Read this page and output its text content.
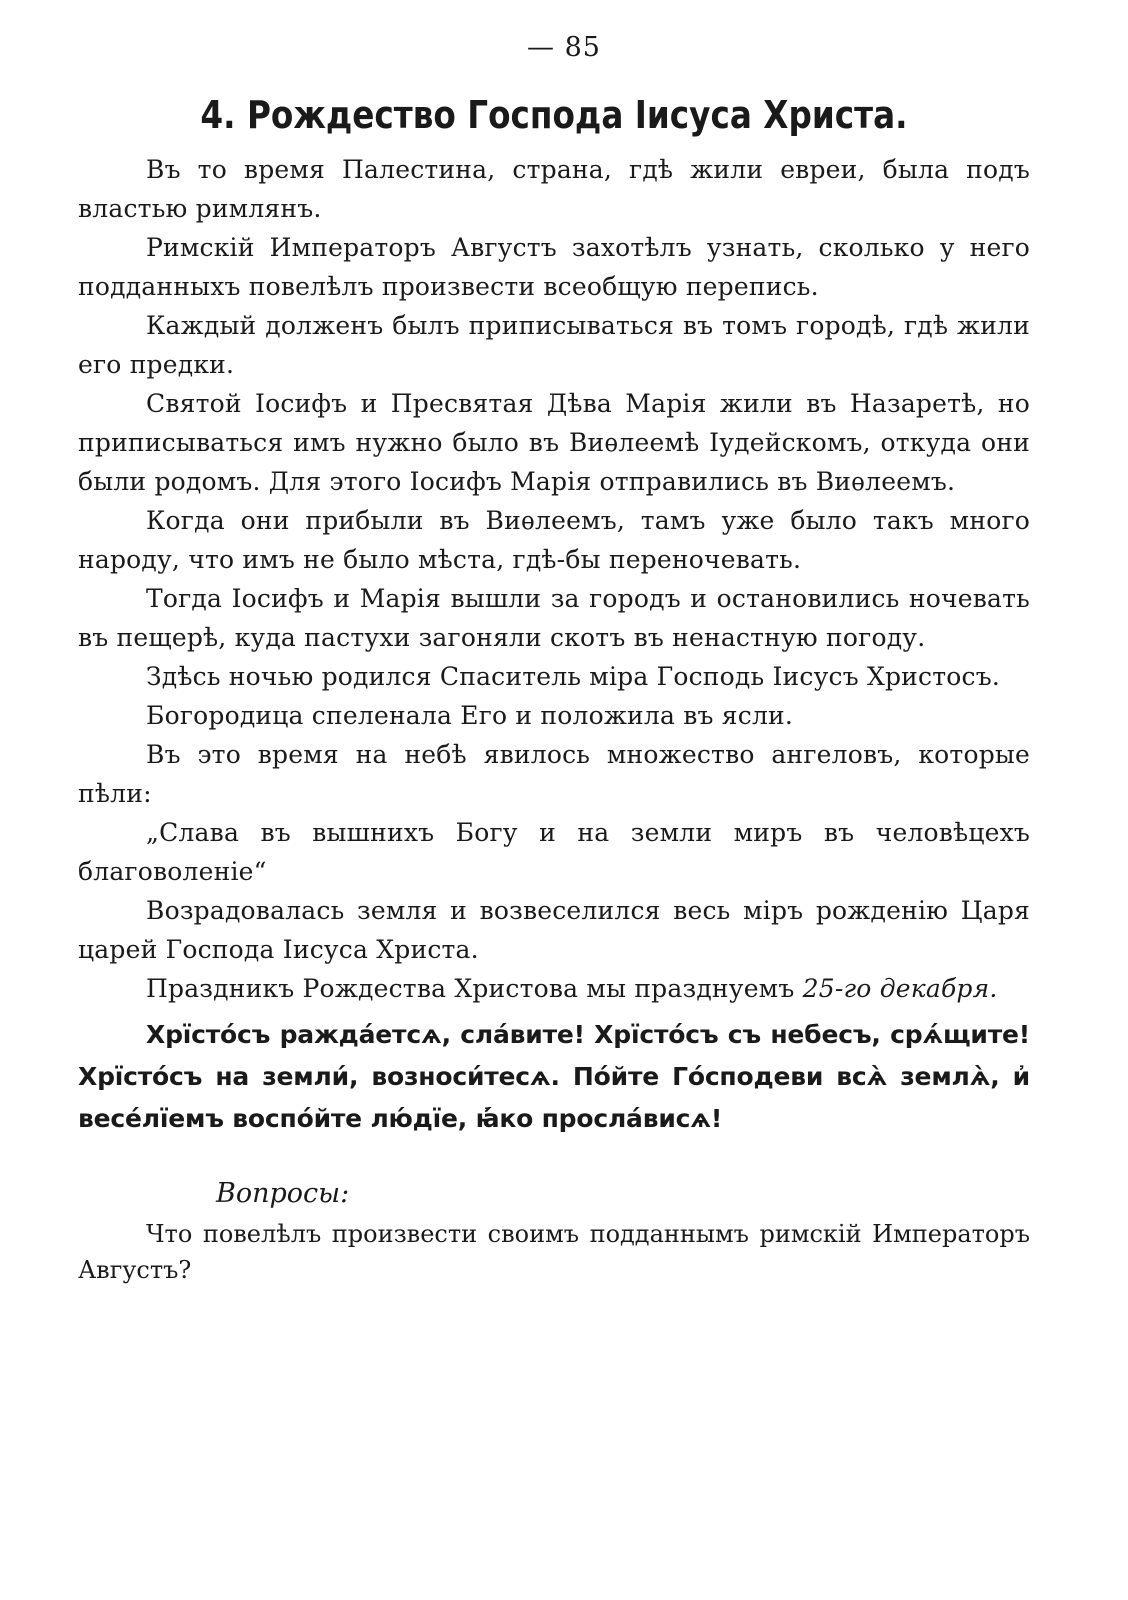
— 85
4. Рождество Господа Іисуса Христа.

Въ то время Палестина, страна, гдѣ жили евреи, была подъ властью римлянъ.

Римскій Императоръ Августъ захотѣлъ узнать, сколько у него подданныхъ повелѣлъ произвести всеобщую перепись.

Каждый долженъ былъ приписываться въ томъ городѣ, гдѣ жили его предки.

Святой Іосифъ и Пресвятая Дѣва Марія жили въ Назаретѣ, но приписываться имъ нужно было въ Виѳлеемѣ Іудейскомъ, откуда они были родомъ. Для этого Іосифъ Марія отправились въ Виѳлеемъ.

Когда они прибыли въ Виѳлеемъ, тамъ уже было такъ много народу, что имъ не было мѣста, гдѣ-бы переночевать.

Тогда Іосифъ и Марія вышли за городъ и остановились ночевать въ пещерѣ, куда пастухи загоняли скотъ въ ненастную погоду.

Здѣсь ночью родился Спаситель міра Господь Іисусъ Христосъ.

Богородица спеленала Его и положила въ ясли.

Въ это время на небѣ явилось множество ангеловъ, которые пѣли:

„Слава въ вышнихъ Богу и на земли миръ въ человѣцехъ благоволеніе“

Возрадовалась земля и возвеселился весь міръ рожденію Царя царей Господа Іисуса Христа.

Праздникъ Рождества Христова мы празднуемъ 25-го декабря.

Хрїстóсъ раждáетсѧ, слáвите! Хрїстóсъ съ небесъ, срѧ́щите! Хрїстóсъ на земли́, возноси́тесѧ. Пóйте Гóсподеви всѧ̀ землѧ̀, и҆ весе́лїемъ воспóйте лю́дїе, ꙗ҆́ко прослáвисѧ!

Вопросы:

Что повелѣлъ произвести своимъ подданнымъ римскій Императоръ Августъ?
